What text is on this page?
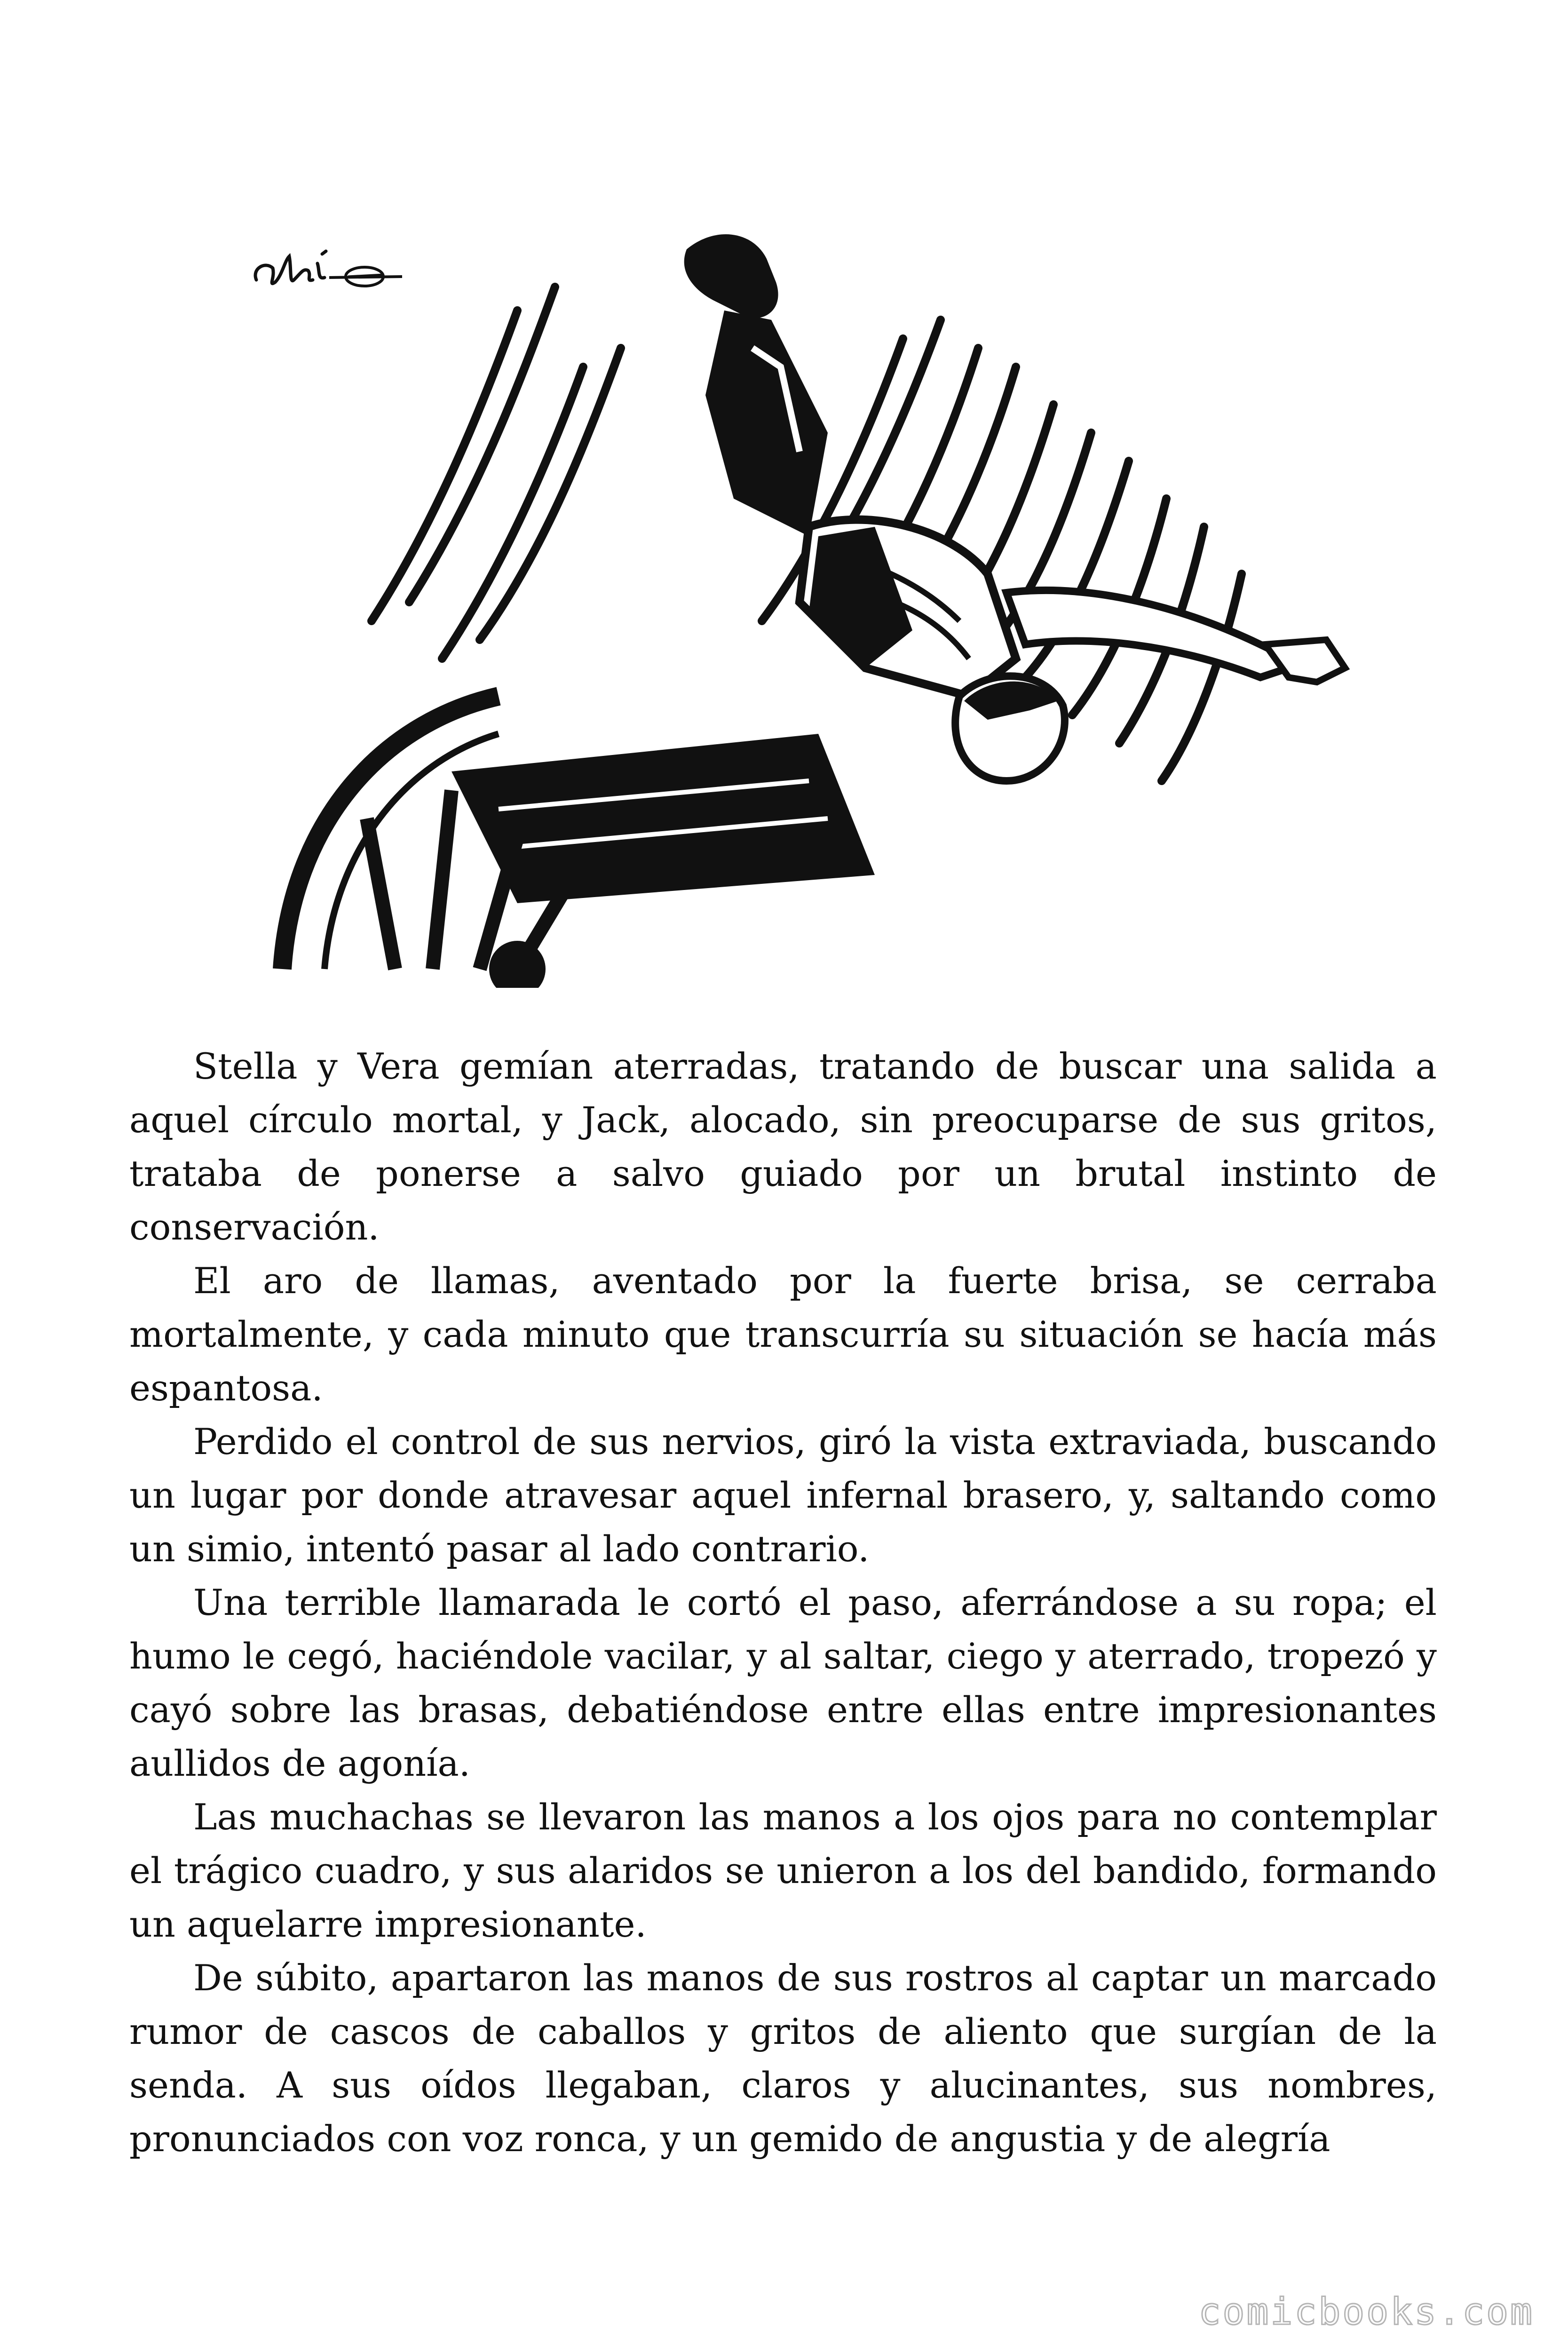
Stella y Vera gemían aterradas, tratando de buscar una salida a aquel círculo mortal, y Jack, alocado, sin preocuparse de sus gritos, trataba de ponerse a salvo guiado por un brutal instinto de conservación.

El aro de llamas, aventado por la fuerte brisa, se cerraba mortalmente, y cada minuto que transcurría su situación se hacía más espantosa.

Perdido el control de sus nervios, giró la vista extraviada, buscando un lugar por donde atravesar aquel infernal brasero, y, saltando como un simio, intentó pasar al lado contrario.

Una terrible llamarada le cortó el paso, aferrándose a su ropa; el humo le cegó, haciéndole vacilar, y al saltar, ciego y aterrado, tropezó y cayó sobre las brasas, debatiéndose entre ellas entre impresionantes aullidos de agonía.

Las muchachas se llevaron las manos a los ojos para no contemplar el trágico cuadro, y sus alaridos se unieron a los del bandido, formando un aquelarre impresionante.

De súbito, apartaron las manos de sus rostros al captar un marcado rumor de cascos de caballos y gritos de aliento que surgían de la senda. A sus oídos llegaban, claros y alucinantes, sus nombres, pronunciados con voz ronca, y un gemido de angustia y de alegría

comicbooks.com
